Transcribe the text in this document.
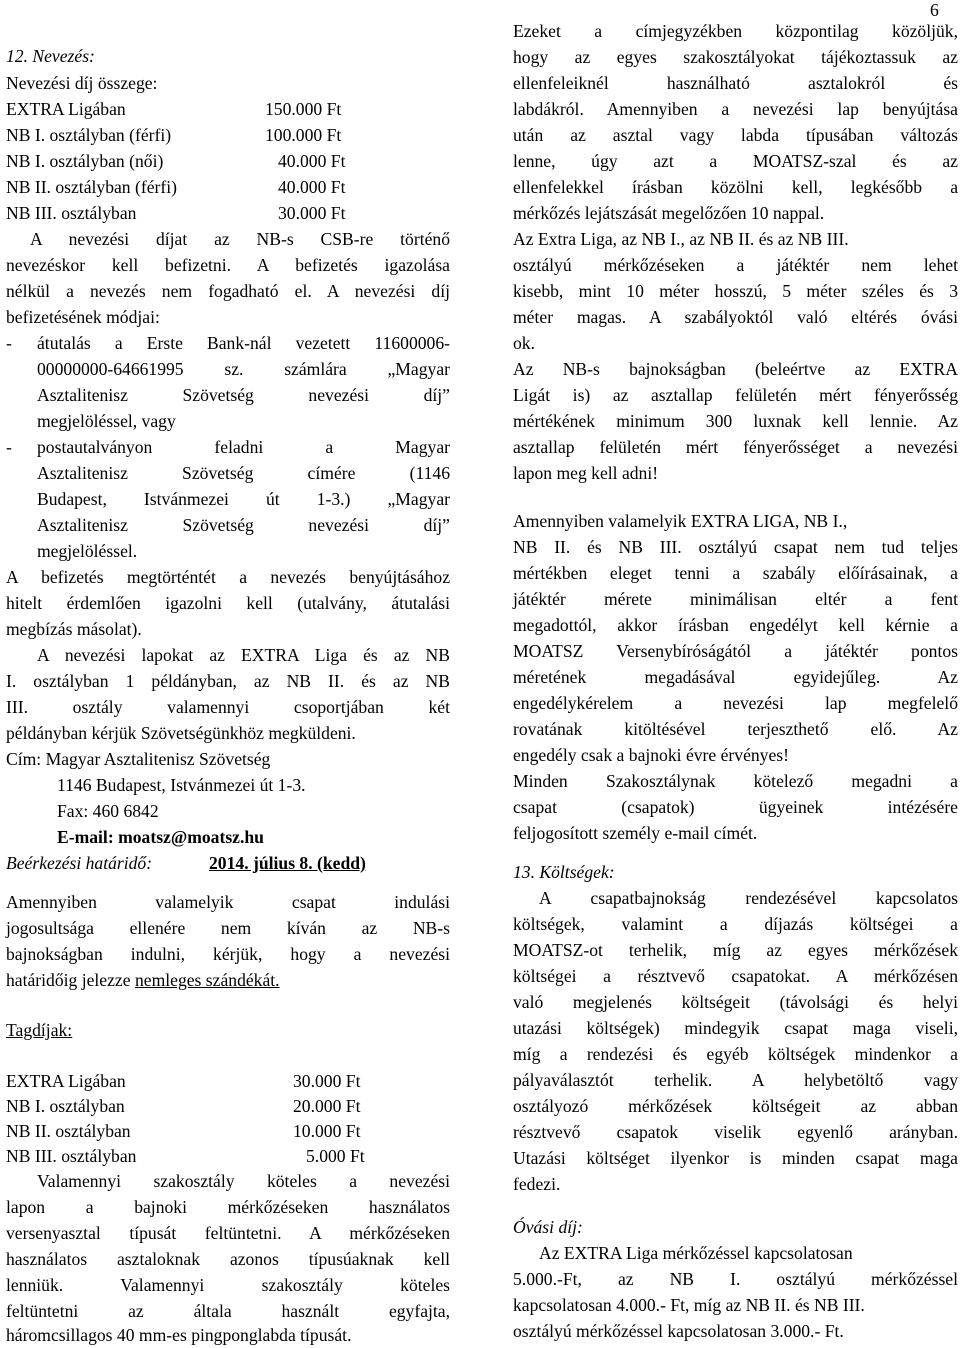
6
12. Nevezés:
Nevezési díj összege:
EXTRA Ligában	150.000 Ft
NB I. osztályban (férfi)	100.000 Ft
NB I. osztályban (női)	40.000 Ft
NB II. osztályban (férfi)	40.000 Ft
NB III. osztályban	30.000 Ft
A nevezési díjat az NB-s CSB-re történő
nevezéskor kell befizetni. A befizetés igazolása
nélkül a nevezés nem fogadható el. A nevezési díj
befizetésének módjai:
- átutalás a Erste Bank-nál vezetett 11600006-
00000000-64661995 sz. számlára „Magyar
Asztalitenisz Szövetség nevezési díj”
megjelöléssel, vagy
- postautalványon feladni a Magyar
Asztalitenisz Szövetség címére (1146
Budapest, Istvánmezei út 1-3.) „Magyar
Asztalitenisz Szövetség nevezési díj”
megjelöléssel.
A befizetés megtörténtét a nevezés benyújtásához
hitelt érdemlően igazolni kell (utalvány, átutalási
megbízás másolat).
A nevezési lapokat az EXTRA Liga és az NB
I. osztályban 1 példányban, az NB II. és az NB
III. osztály valamennyi csoportjában két
példányban kérjük Szövetségünkhöz megküldeni.
Cím: Magyar Asztalitenisz Szövetség
1146 Budapest, Istvánmezei út 1-3.
Fax: 460 6842
E-mail: moatsz@moatsz.hu
Beérkezési határidő:	2014. július 8. (kedd)
Amennyiben valamelyik csapat indulási
jogosultsága ellenére nem kíván az NB-s
bajnokságban indulni, kérjük, hogy a nevezési
határidőig jelezze nemleges szándékát.
Tagdíjak:
EXTRA Ligában	30.000 Ft
NB I. osztályban	20.000 Ft
NB II. osztályban	10.000 Ft
NB III. osztályban	5.000 Ft
Valamennyi szakosztály köteles a nevezési
lapon a bajnoki mérkőzéseken használatos
versenyasztal típusát feltüntetni. A mérkőzéseken
használatos asztaloknak azonos típusúaknak kell
lenniük. Valamennyi szakosztály köteles
feltüntetni az általa használt egyfajta,
háromcsillagos 40 mm-es pingponglabda típusát.
Ezeket a címjegyzékben központilag közöljük,
hogy az egyes szakosztályokat tájékoztassuk az
ellenfeleiknél használható asztalokról és
labdákról. Amennyiben a nevezési lap benyújtása
után az asztal vagy labda típusában változás
lenne, úgy azt a MOATSZ-szal és az
ellenfelekkel írásban közölni kell, legkésőbb a
mérkőzés lejátszását megelőzően 10 nappal.
Az Extra Liga, az NB I., az NB II. és az NB III.
osztályú mérkőzéseken a játéktér nem lehet
kisebb, mint 10 méter hosszú, 5 méter széles és 3
méter magas. A szabályoktól való eltérés óvási
ok.
Az NB-s bajnokságban (beleértve az EXTRA
Ligát is) az asztallap felületén mért fényerősség
mértékének minimum 300 luxnak kell lennie. Az
asztallap felületén mért fényerősséget a nevezési
lapon meg kell adni!
Amennyiben valamelyik EXTRA LIGA, NB I.,
NB II. és NB III. osztályú csapat nem tud teljes
mértékben eleget tenni a szabály előírásainak, a
játéktér mérete minimálisan eltér a fent
megadottól, akkor írásban engedélyt kell kérnie a
MOATSZ Versenybíróságától a játéktér pontos
méretének megadásával egyidejűleg. Az
engedélykérelem a nevezési lap megfelelő
rovatának kitöltésével terjeszthető elő. Az
engedély csak a bajnoki évre érvényes!
Minden Szakosztálynak kötelező megadni a
csapat (csapatok) ügyeinek intézésére
feljogosított személy e-mail címét.
13. Költségek:
A csapatbajnokság rendezésével kapcsolatos
költségek, valamint a díjazás költségei a
MOATSZ-ot terhelik, míg az egyes mérkőzések
költségei a résztvevő csapatokat. A mérkőzésen
való megjelenés költségeit (távolsági és helyi
utazási költségek) mindegyik csapat maga viseli,
míg a rendezési és egyéb költségek mindenkor a
pályaválasztót terhelik. A helybetöltő vagy
osztályozó mérkőzések költségeit az abban
résztvevő csapatok viselik egyenlő arányban.
Utazási költséget ilyenkor is minden csapat maga
fedezi.
Óvási díj:
Az EXTRA Liga mérkőzéssel kapcsolatosan
5.000.-Ft, az NB I. osztályú mérkőzéssel
kapcsolatosan 4.000.- Ft, míg az NB II. és NB III.
osztályú mérkőzéssel kapcsolatosan 3.000.- Ft.
